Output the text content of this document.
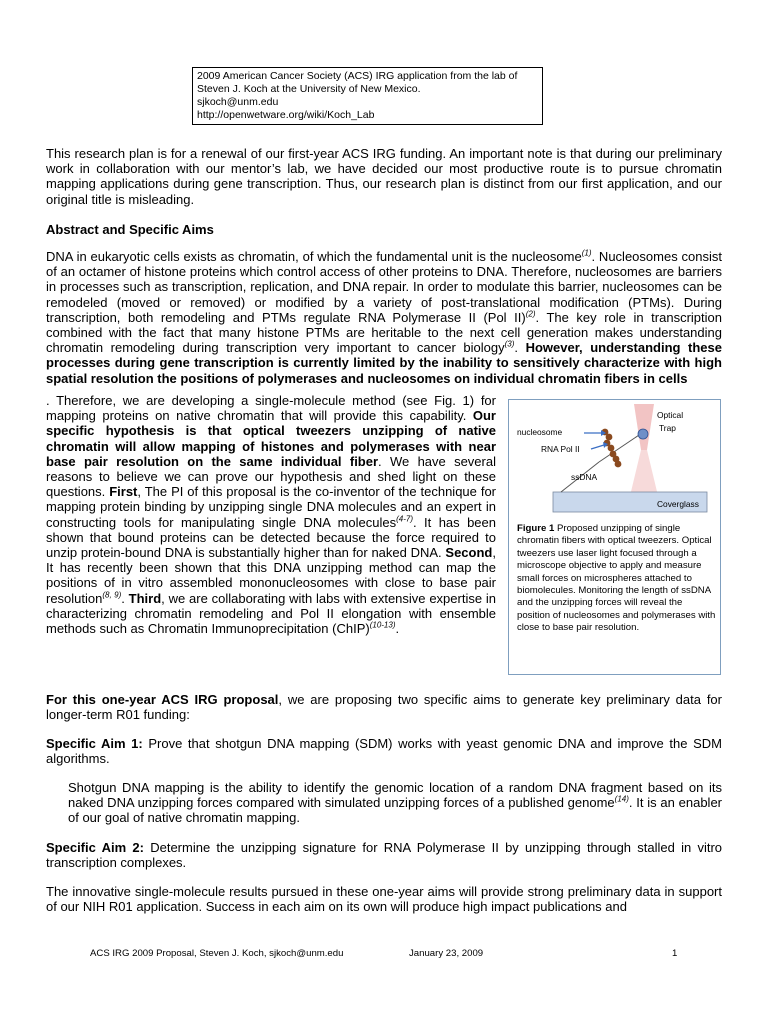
2009 American Cancer Society (ACS) IRG application from the lab of
Steven J. Koch at the University of New Mexico.
sjkoch@unm.edu
http://openwetware.org/wiki/Koch_Lab
This research plan is for a renewal of our first-year ACS IRG funding. An important note is that during our preliminary work in collaboration with our mentor’s lab, we have decided our most productive route is to pursue chromatin mapping applications during gene transcription. Thus, our research plan is distinct from our first application, and our original title is misleading.
Abstract and Specific Aims
DNA in eukaryotic cells exists as chromatin, of which the fundamental unit is the nucleosome$^{(1)}$. Nucleosomes consist of an octamer of histone proteins which control access of other proteins to DNA. Therefore, nucleosomes are barriers in processes such as transcription, replication, and DNA repair. In order to modulate this barrier, nucleosomes can be remodeled (moved or removed) or modified by a variety of post-translational modification (PTMs). During transcription, both remodeling and PTMs regulate RNA Polymerase II (Pol II)$^{(2)}$. The key role in transcription combined with the fact that many histone PTMs are heritable to the next cell generation makes understanding chromatin remodeling during transcription very important to cancer biology$^{(3)}$. However, understanding these processes during gene transcription is currently limited by the inability to sensitively characterize with high spatial resolution the positions of polymerases and nucleosomes on individual chromatin fibers in cells
. Therefore, we are developing a single-molecule method (see Fig. 1) for mapping proteins on native chromatin that will provide this capability. Our specific hypothesis is that optical tweezers unzipping of native chromatin will allow mapping of histones and polymerases with near base pair resolution on the same individual fiber. We have several reasons to believe we can prove our hypothesis and shed light on these questions. First, The PI of this proposal is the co-inventor of the technique for mapping protein binding by unzipping single DNA molecules and an expert in constructing tools for manipulating single DNA molecules$^{(4-7)}$. It has been shown that bound proteins can be detected because the force required to unzip protein-bound DNA is substantially higher than for naked DNA. Second, It has recently been shown that this DNA unzipping method can map the positions of in vitro assembled mononucleosomes with close to base pair resolution$^{(8, 9)}$. Third, we are collaborating with labs with extensive expertise in characterizing chromatin remodeling and Pol II elongation with ensemble methods such as Chromatin Immunoprecipitation (ChIP)$^{(10-13)}$.
nucleosome
RNA Pol II
ssDNA
Optical
Trap
Coverglass
Figure 1 Proposed unzipping of single chromatin fibers with optical tweezers. Optical tweezers use laser light focused through a microscope objective to apply and measure small forces on microspheres attached to biomolecules. Monitoring the length of ssDNA and the unzipping forces will reveal the position of nucleosomes and polymerases with close to base pair resolution.
For this one-year ACS IRG proposal, we are proposing two specific aims to generate key preliminary data for longer-term R01 funding:
Specific Aim 1: Prove that shotgun DNA mapping (SDM) works with yeast genomic DNA and improve the SDM algorithms.
Shotgun DNA mapping is the ability to identify the genomic location of a random DNA fragment based on its naked DNA unzipping forces compared with simulated unzipping forces of a published genome$^{(14)}$. It is an enabler of our goal of native chromatin mapping.
Specific Aim 2: Determine the unzipping signature for RNA Polymerase II by unzipping through stalled in vitro transcription complexes.
The innovative single-molecule results pursued in these one-year aims will provide strong preliminary data in support of our NIH R01 application. Success in each aim on its own will produce high impact publications and
ACS IRG 2009 Proposal, Steven J. Koch, sjkoch@unm.edu	January 23, 2009	1
